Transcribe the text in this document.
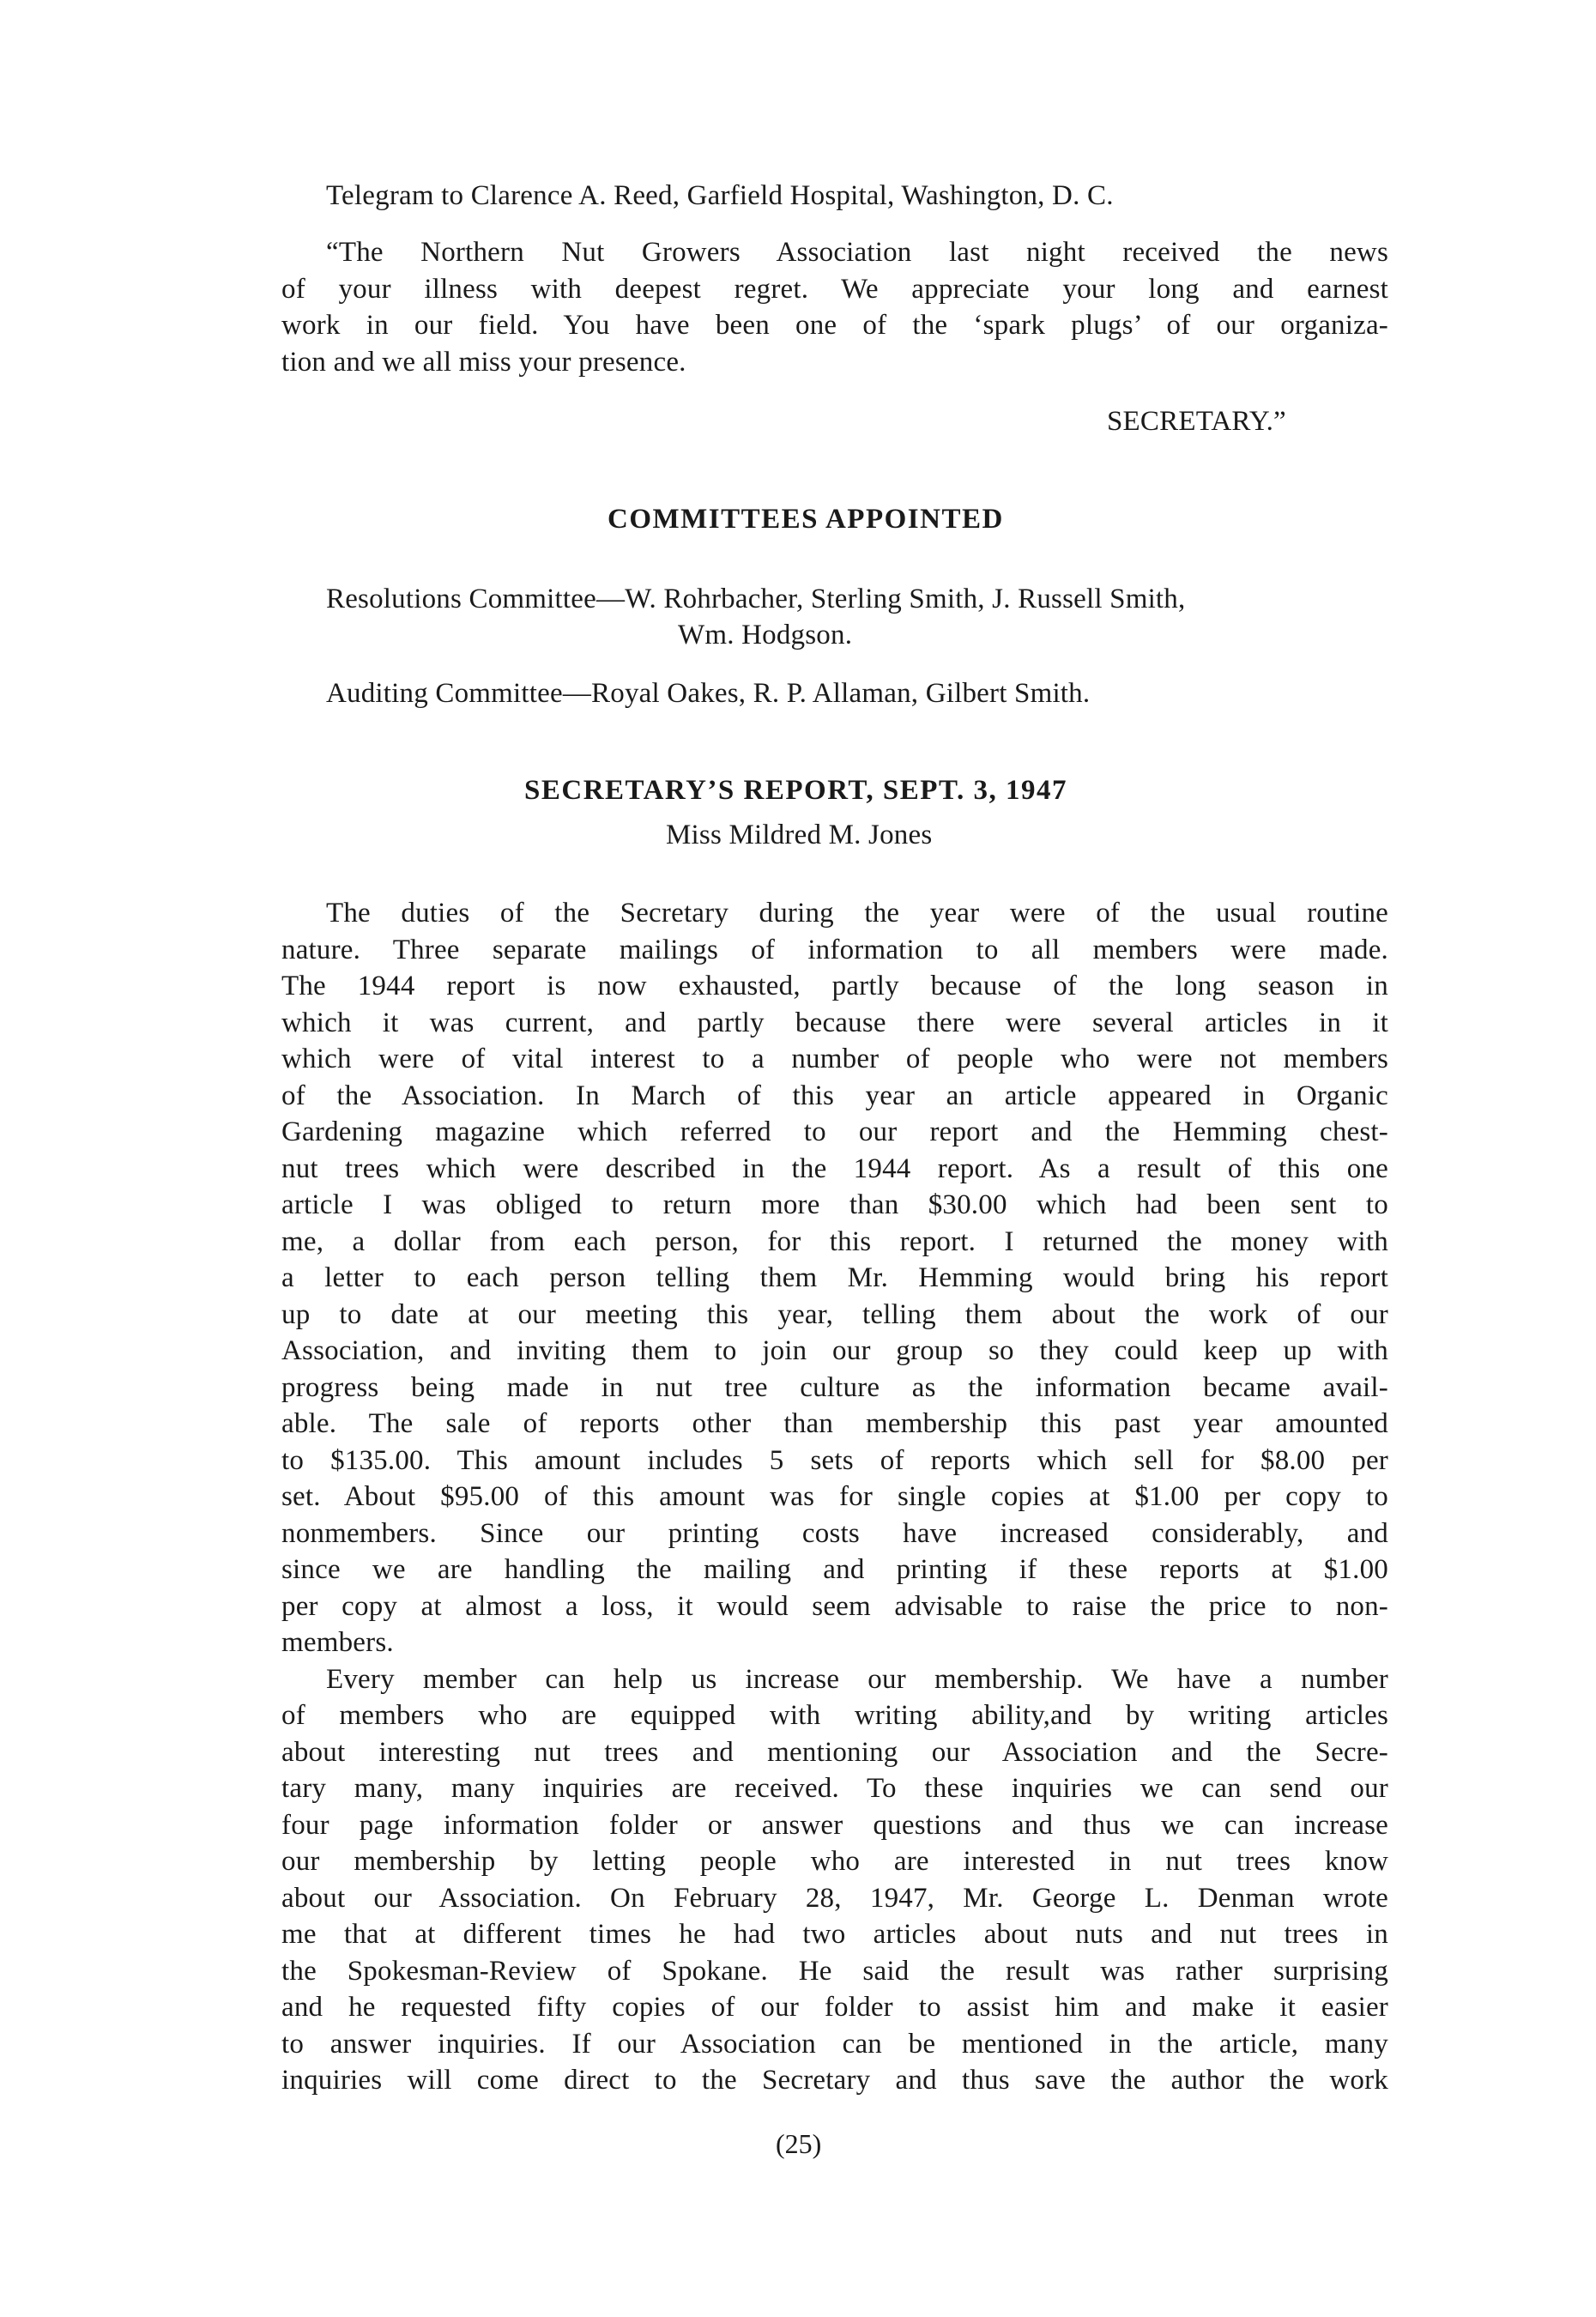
Telegram to Clarence A. Reed, Garfield Hospital, Washington, D. C.
“The Northern Nut Growers Association last night received the news
of your illness with deepest regret. We appreciate your long and earnest
work in our field. You have been one of the ‘spark plugs’ of our organiza-
tion and we all miss your presence.
SECRETARY.”
COMMITTEES APPOINTED
Resolutions Committee—W. Rohrbacher, Sterling Smith, J. Russell Smith,
Wm. Hodgson.
Auditing Committee—Royal Oakes, R. P. Allaman, Gilbert Smith.
SECRETARY’S REPORT, SEPT. 3, 1947
Miss Mildred M. Jones
The duties of the Secretary during the year were of the usual routine
nature. Three separate mailings of information to all members were made.
The 1944 report is now exhausted, partly because of the long season in
which it was current, and partly because there were several articles in it
which were of vital interest to a number of people who were not members
of the Association. In March of this year an article appeared in Organic
Gardening magazine which referred to our report and the Hemming chest-
nut trees which were described in the 1944 report. As a result of this one
article I was obliged to return more than $30.00 which had been sent to
me, a dollar from each person, for this report. I returned the money with
a letter to each person telling them Mr. Hemming would bring his report
up to date at our meeting this year, telling them about the work of our
Association, and inviting them to join our group so they could keep up with
progress being made in nut tree culture as the information became avail-
able. The sale of reports other than membership this past year amounted
to $135.00. This amount includes 5 sets of reports which sell for $8.00 per
set. About $95.00 of this amount was for single copies at $1.00 per copy to
nonmembers. Since our printing costs have increased considerably, and
since we are handling the mailing and printing if these reports at $1.00
per copy at almost a loss, it would seem advisable to raise the price to non-
members.
Every member can help us increase our membership. We have a number
of members who are equipped with writing ability,and by writing articles
about interesting nut trees and mentioning our Association and the Secre-
tary many, many inquiries are received. To these inquiries we can send our
four page information folder or answer questions and thus we can increase
our membership by letting people who are interested in nut trees know
about our Association. On February 28, 1947, Mr. George L. Denman wrote
me that at different times he had two articles about nuts and nut trees in
the Spokesman-Review of Spokane. He said the result was rather surprising
and he requested fifty copies of our folder to assist him and make it easier
to answer inquiries. If our Association can be mentioned in the article, many
inquiries will come direct to the Secretary and thus save the author the work
(25)
